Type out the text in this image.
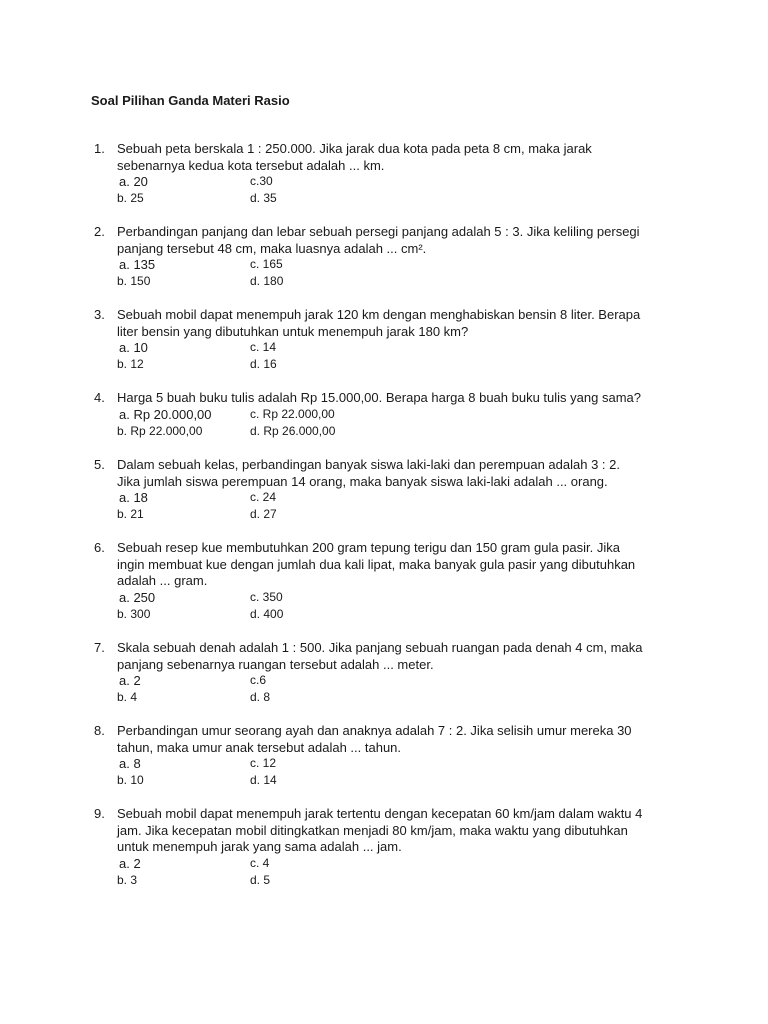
Soal Pilihan Ganda Materi Rasio
1. Sebuah peta berskala 1 : 250.000. Jika jarak dua kota pada peta 8 cm, maka jarak
sebenarnya kedua kota tersebut adalah ... km.
a. 20	c.30
b. 25	d. 35
2. Perbandingan panjang dan lebar sebuah persegi panjang adalah 5 : 3. Jika keliling persegi
panjang tersebut 48 cm, maka luasnya adalah ... cm².
a. 135	c. 165
b. 150	d. 180
3. Sebuah mobil dapat menempuh jarak 120 km dengan menghabiskan bensin 8 liter. Berapa
liter bensin yang dibutuhkan untuk menempuh jarak 180 km?
a. 10	c. 14
b. 12	d. 16
4. Harga 5 buah buku tulis adalah Rp 15.000,00. Berapa harga 8 buah buku tulis yang sama?
a. Rp 20.000,00	c. Rp 22.000,00
b. Rp 22.000,00	d. Rp 26.000,00
5. Dalam sebuah kelas, perbandingan banyak siswa laki-laki dan perempuan adalah 3 : 2.
Jika jumlah siswa perempuan 14 orang, maka banyak siswa laki-laki adalah ... orang.
a. 18	c. 24
b. 21	d. 27
6. Sebuah resep kue membutuhkan 200 gram tepung terigu dan 150 gram gula pasir. Jika
ingin membuat kue dengan jumlah dua kali lipat, maka banyak gula pasir yang dibutuhkan
adalah ... gram.
a. 250	c. 350
b. 300	d. 400
7. Skala sebuah denah adalah 1 : 500. Jika panjang sebuah ruangan pada denah 4 cm, maka
panjang sebenarnya ruangan tersebut adalah ... meter.
a. 2	c.6
b. 4	d. 8
8. Perbandingan umur seorang ayah dan anaknya adalah 7 : 2. Jika selisih umur mereka 30
tahun, maka umur anak tersebut adalah ... tahun.
a. 8	c. 12
b. 10	d. 14
9. Sebuah mobil dapat menempuh jarak tertentu dengan kecepatan 60 km/jam dalam waktu 4
jam. Jika kecepatan mobil ditingkatkan menjadi 80 km/jam, maka waktu yang dibutuhkan
untuk menempuh jarak yang sama adalah ... jam.
a. 2	c. 4
b. 3	d. 5
